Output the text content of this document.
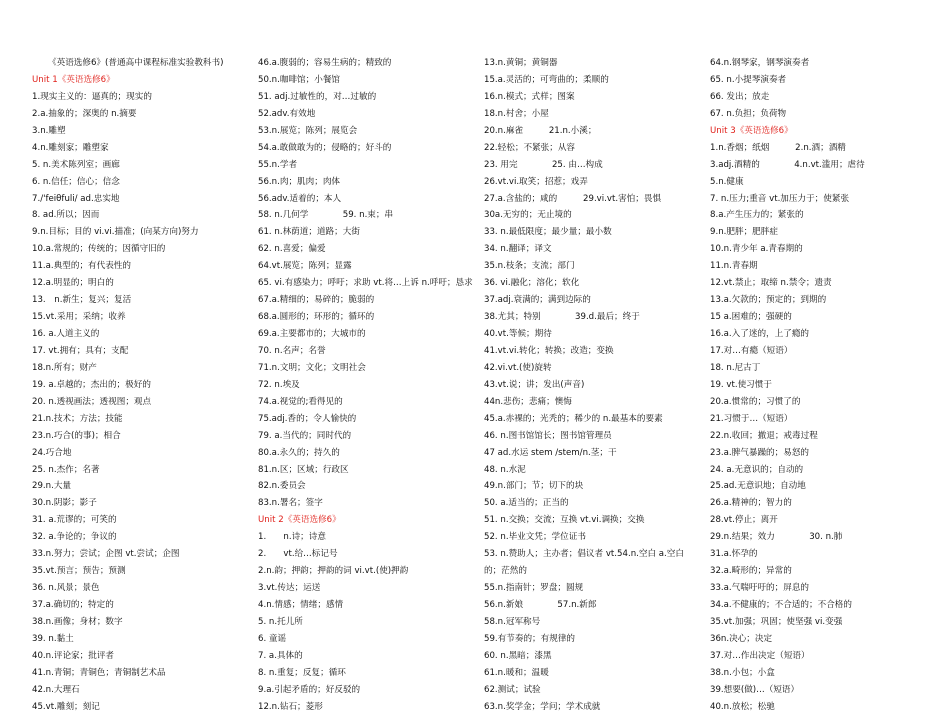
《英语选修6》(普通高中课程标准实验教科书)
Unit 1《英语选修6》
1.现实主义的：逼真的；现实的
2.a.抽象的；深奥的 n.摘要
3.n.雕塑
4.n.雕刻家；雕塑家
5. n.美术陈列室；画廊
6. n.信任；信心；信念
7./'feiθfuli/ ad.忠实地
8. ad.所以；因而
9.n.目标；目的 vi.vi.描准；(向某方向)努力
10.a.常规的；传统的；因循守旧的
11.a.典型的；有代表性的
12.a.明显的；明白的
13.　n.新生；复兴；复活
15.vt.采用；采纳；收养
16. a.人道主义的
17. vt.拥有；具有；支配
18.n.所有；财产
19. a.卓越的；杰出的；极好的
20. n.透视画法；透视图；观点
21.n.技术；方法；技能
23.n.巧合(的事)；相合
24.巧合地
25. n.杰作；名著
29.n.大量
30.n.阴影；影子
31. a.荒谬的；可笑的
32. a.争论的；争议的
33.n.努力；尝试；企图 vt.尝试；企图
35.vt.预言；预告；预测
36. n.风景；景色
37.a.确切的；特定的
38.n.画像；身材；数字
39. n.黏土
40.n.评论家；批评者
41.n.青铜；青铜色；青铜制艺术品
42.n.大理石
45.vt.雕刻；刻记
46.a.腹弱的；容易生病的；精致的
50.n.咖啡馆；小餐馆
51. adj.过敏性的，对…过敏的
52.adv.有效地
53.n.展览；陈列；展览会
54.a.敢做敢为的；侵略的；好斗的
55.n.学者
56.n.肉；肌肉；肉体
56.adv.适着的；本人
58. n.几何学　　　　59. n.束；串
61. n.林荫道；道路；大街
62. n.喜爱；偏爱
64.vt.展览；陈列；显露
65. vi.有感染力；呼吁；求助 vt.将…上诉 n.呼吁；恳求
67.a.精细的；易碎的；脆弱的
68.a.圆形的；环形的；循环的
69.a.主要都市的；大城市的
70. n.名声；名誉
71.n.文明；文化；文明社会
72. n.埃及
74.a.视觉的;看得见的
75.adj.香的；令人愉快的
79. a.当代的；同时代的
80.a.永久的；持久的
81.n.区；区域；行政区
82.n.委员会
83.n.署名；签字
Unit 2《英语选修6》
1.　　n.诗；诗意
2.　　vt.给…标记号
2.n.韵；押韵；押韵的词 vi.vt.(使)押韵
3.vt.传达；运送
4.n.情感；情绪；感情
5. n.托儿所
6. 童谣
7. a.具体的
8. n.重复；反复；循环
9.a.引起矛盾的；好反驳的
12.n.钻石；菱形
13.n.黄铜；黄铜器
15.a.灵活的；可弯曲的；柔顺的
16.n.模式；式样；图案
18.n.村舍；小屋
20.n.麻雀　　　21.n.小溪；
22.轻松；不紧张；从容
23. 用完　　　　25. 由…构成
26.vt.vi.取笑；招惹；戏弄
27.a.含盐的；咸的　　　29.vi.vt.害怕；畏惧
30a.无穷的；无止境的
33. n.最低限度；最少量；最小数
34. n.翻译；译文
35.n.枝条；支流；部门
36. vi.融化；溶化；软化
37.adj.衰满的；满到边际的
38.尤其；特别　　　　39.d.最后；终于
40.vt.等候；期待
41.vt.vi.转化；转换；改造；变换
42.vi.vt.(使)旋转
43.vt.说；讲；发出(声音)
44n.悲伤；悲痛；懊悔
45.a.赤裸的；光秃的；稀少的 n.最基本的要素
46. n.图书馆馆长；图书馆管理员
47 ad.水运 stem /stem/n.茎；干
48. n.水泥
49.n.部门；节；切下的块
50. a.适当的；正当的
51. n.交换；交流；互换 vt.vi.调换；交换
52. n.毕业文凭；学位证书
53. n.赞助人；主办者；倡议者 vt.54.n.空白 a.空白的；茫然的
55.n.指南针；罗盘；圆规
56.n.新娘　　　　57.n.新郎
58.n.冠军称号
59.有节奏的；有规律的
60. n.黑暗；漆黑
61.n.暖和；温暖
62.测试；试验
63.n.奖学金；学问；学术成就
64.n.钢琴家，钢琴演奏者
65. n.小提琴演奏者
66. 发出；放走
67. n.负担；负荷物
Unit 3《英语选修6》
1.n.香烟；纸烟　　　2.n.酒；酒精
3.adj.酒精的　　　　4.n.vt.滥用；虐待
5.n.健康
7. n.压力;重音 vt.加压力于；使紧张
8.a.产生压力的；紧张的
9.n.肥胖；肥胖症
10.n.青少年 a.青春期的
11.n.青春期
12.vt.禁止；取缔 n.禁令；遗责
13.a.欠款的；预定的；到期的
15 a.困难的；强硬的
16.a.入了迷的，上了瘾的
17.对…有瘾（短语）
18. n.尼古丁
19. vt.使习惯于
20.a.惯常的；习惯了的
21.习惯于…（短语）
22.n.收回；撤退；戒毒过程
23.a.脾气暴躁的；易怒的
24. a.无意识的；自动的
25.ad.无意识地；自动地
26.a.精神的；智力的
28.vt.停止；离开
29.n.结果；效力　　　　30. n.肺
31.a.怀孕的
32.a.畸形的；异常的
33.a.气喘吁吁的；屏息的
34.a.不健康的；不合适的；不合格的
35.vt.加强；巩固；使坚强 vi.变强
36n.决心；决定
37.对…作出决定（短语）
38.n.小包；小盒
39.想要(做)…（短语）
40.n.放松；松驰
